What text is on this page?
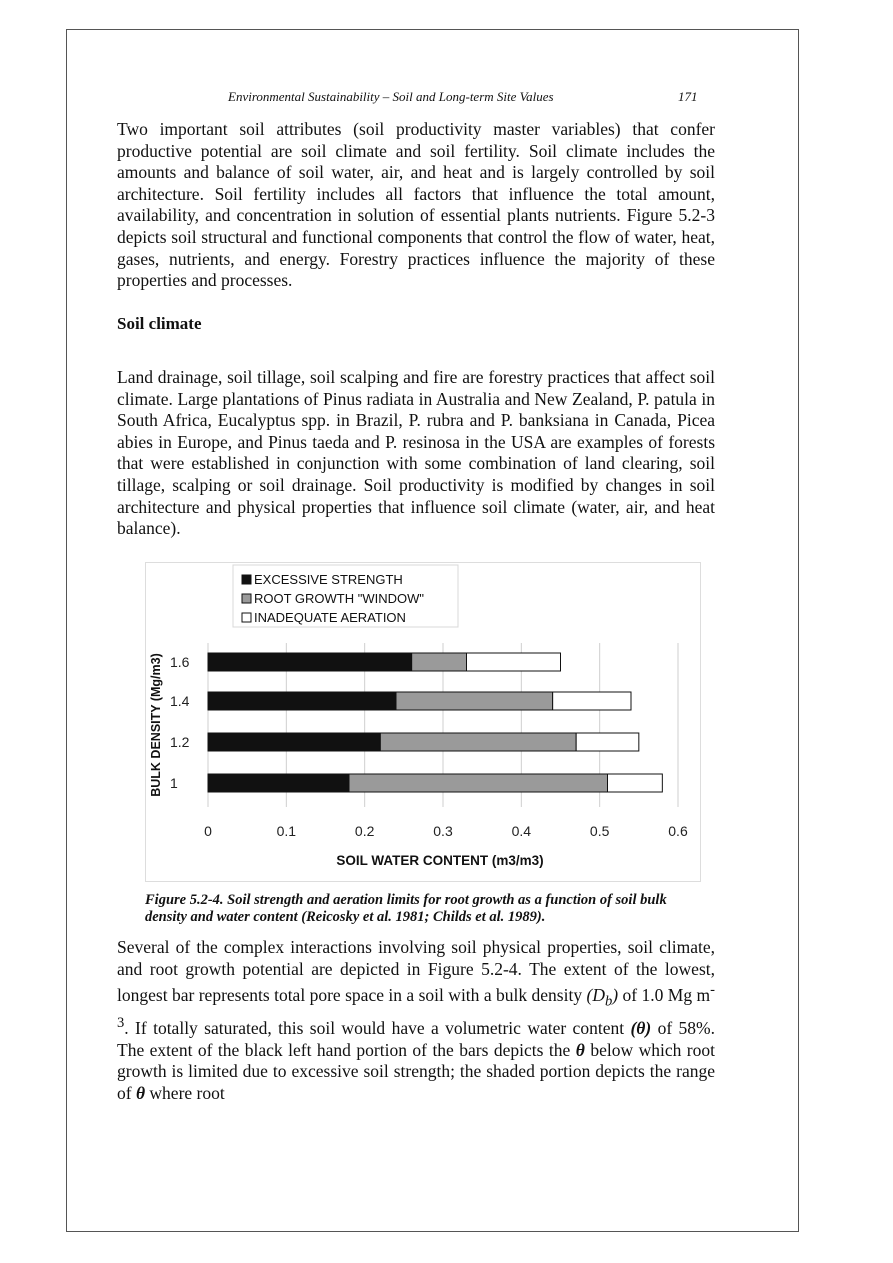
Environmental Sustainability – Soil and Long-term Site Values	171

Two important soil attributes (soil productivity master variables) that confer productive potential are soil climate and soil fertility. Soil climate includes the amounts and balance of soil water, air, and heat and is largely controlled by soil architecture. Soil fertility includes all factors that influence the total amount, availability, and concentration in solution of essential plants nutrients. Figure 5.2-3 depicts soil structural and functional components that control the flow of water, heat, gases, nutrients, and energy. Forestry practices influence the majority of these properties and processes.

Soil climate

Land drainage, soil tillage, soil scalping and fire are forestry practices that affect soil climate. Large plantations of Pinus radiata in Australia and New Zealand, P. patula in South Africa, Eucalyptus spp. in Brazil, P. rubra and P. banksiana in Canada, Picea abies in Europe, and Pinus taeda and P. resinosa in the USA are examples of forests that were established in conjunction with some combination of land clearing, soil tillage, scalping or soil drainage. Soil productivity is modified by changes in soil architecture and physical properties that influence soil climate (water, air, and heat balance).

EXCESSIVE STRENGTH
ROOT GROWTH "WINDOW"
INADEQUATE AERATION
1.6
1.4
1.2
1
0	0.1	0.2	0.3	0.4	0.5	0.6
SOIL WATER CONTENT (m3/m3)
BULK DENSITY (Mg/m3)

Figure 5.2-4. Soil strength and aeration limits for root growth as a function of soil bulk density and water content (Reicosky et al. 1981; Childs et al. 1989).

Several of the complex interactions involving soil physical properties, soil climate, and root growth potential are depicted in Figure 5.2-4. The extent of the lowest, longest bar represents total pore space in a soil with a bulk density $(D_b)$ of 1.0 Mg $m^{-3}$. If totally saturated, this soil would have a volumetric water content (θ) of 58%. The extent of the black left hand portion of the bars depicts the θ below which root growth is limited due to excessive soil strength; the shaded portion depicts the range of θ where root
